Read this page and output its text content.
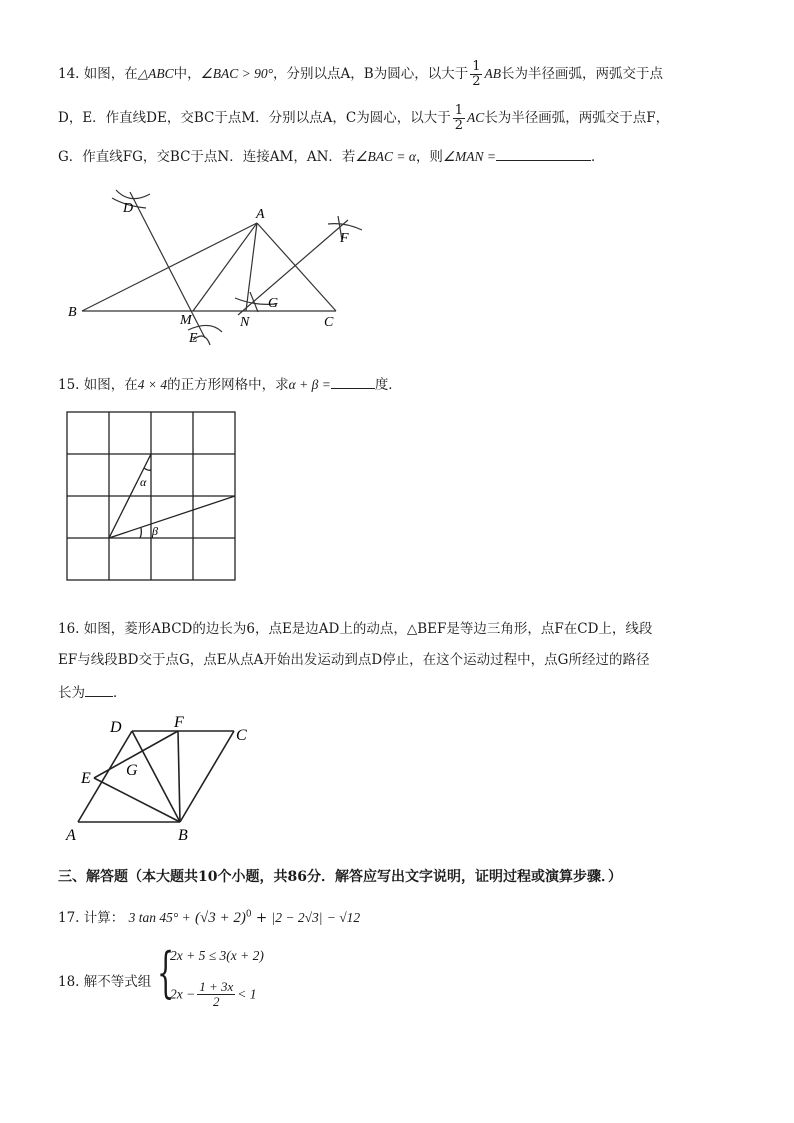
14. 如图，在△ABC中，∠BAC > 90°，分别以点A，B为圆心，以大于 $\frac{1}{2}$ AB长为半径画弧，两弧交于点
D，E．作直线DE，交BC于点M．分别以点A，C为圆心，以大于 $\frac{1}{2}$ AC长为半径画弧，两弧交于点F，
G．作直线FG，交BC于点N．连接AM，AN．若∠BAC = α，则∠MAN =	．
D	A
F
G
B
M	N	C
E
15. 如图，在4 × 4的正方形网格中，求α + β =	度．
α
β
16. 如图，菱形ABCD的边长为6，点E是边AD上的动点，△BEF是等边三角形，点F在CD上，线段
EF与线段BD交于点G，点E从点A开始出发运动到点D停止，在这个运动过程中，点G所经过的路径
长为 ．
D	F
C
G
E
A	B
三、解答题（本大题共10个小题，共86分．解答应写出文字说明，证明过程或演算步骤．）
17. 计算： 3 $\tan 45^\circ + (√3 + 2)^0 + |2 - 2√3| - √12$
18. 解不等式组 {
2x + 5 ≤ 3(x + 2)
$2x - \frac{1 + 3x}{2} < 1$
